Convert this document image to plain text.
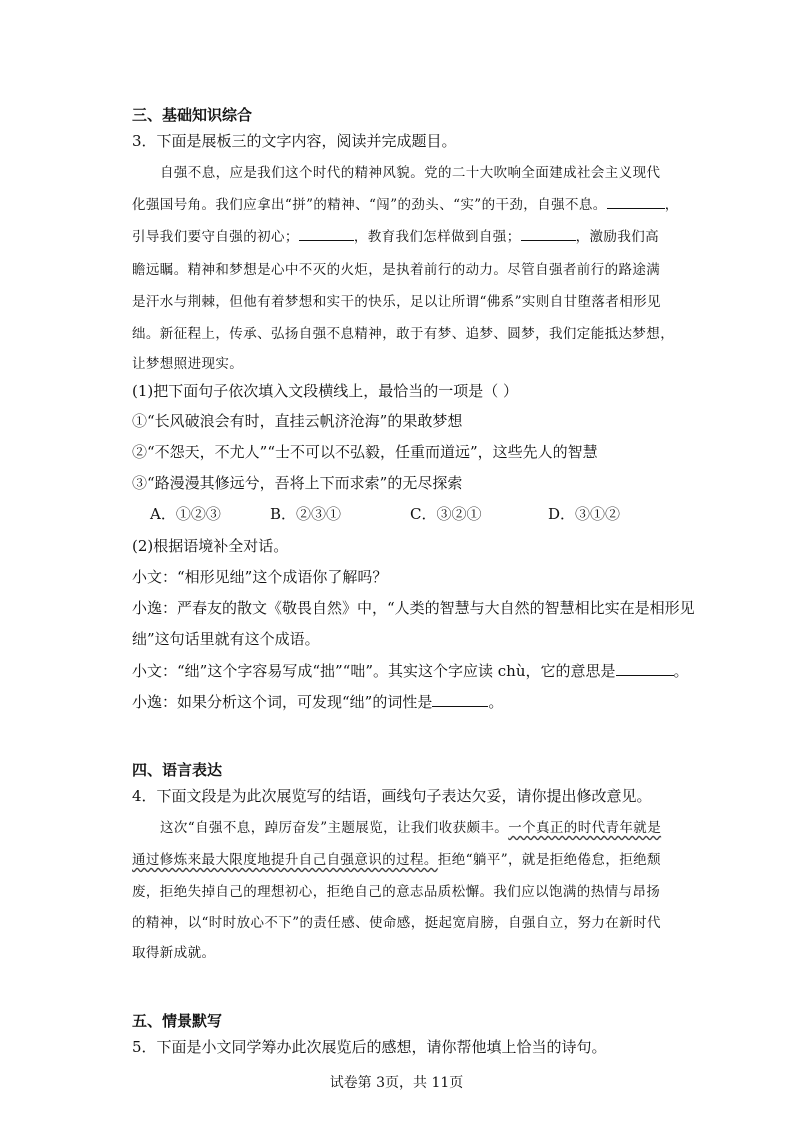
三、基础知识综合
3．下面是展板三的文字内容，阅读并完成题目。
自强不息，应是我们这个时代的精神风貌。党的二十大吹响全面建成社会主义现代
化强国号角。我们应拿出“拼”的精神、“闯”的劲头、“实”的干劲，自强不息。	，
引导我们要守自强的初心；	，教育我们怎样做到自强；	，激励我们高
瞻远瞩。精神和梦想是心中不灭的火炬，是执着前行的动力。尽管自强者前行的路途满
是汗水与荆棘，但他有着梦想和实干的快乐，足以让所谓“佛系”实则自甘堕落者相形见
绌。新征程上，传承、弘扬自强不息精神，敢于有梦、追梦、圆梦，我们定能抵达梦想，
让梦想照进现实。
(1)把下面句子依次填入文段横线上，最恰当的一项是（ ）
①“长风破浪会有时，直挂云帆济沧海”的果敢梦想
②“不怨天，不尤人”“士不可以不弘毅，任重而道远”，这些先人的智慧
③“路漫漫其修远兮，吾将上下而求索”的无尽探索
A．①②③	B．②③①	C．③②①	D．③①②
(2)根据语境补全对话。
小文：“相形见绌”这个成语你了解吗？
小逸：严春友的散文《敬畏自然》中，“人类的智慧与大自然的智慧相比实在是相形见
绌”这句话里就有这个成语。
小文：“绌”这个字容易写成“拙”“咄”。其实这个字应读 chù，它的意思是	。
小逸：如果分析这个词，可发现“绌”的词性是	。
四、语言表达
4．下面文段是为此次展览写的结语，画线句子表达欠妥，请你提出修改意见。
这次“自强不息，踔厉奋发”主题展览，让我们收获颇丰。一个真正的时代青年就是
通过修炼来最大限度地提升自己自强意识的过程。拒绝“躺平”，就是拒绝倦怠，拒绝颓
废，拒绝失掉自己的理想初心，拒绝自己的意志品质松懈。我们应以饱满的热情与昂扬
的精神，以“时时放心不下”的责任感、使命感，挺起宽肩膀，自强自立，努力在新时代
取得新成就。
五、情景默写
5．下面是小文同学筹办此次展览后的感想，请你帮他填上恰当的诗句。
试卷第 3页，共 11页
